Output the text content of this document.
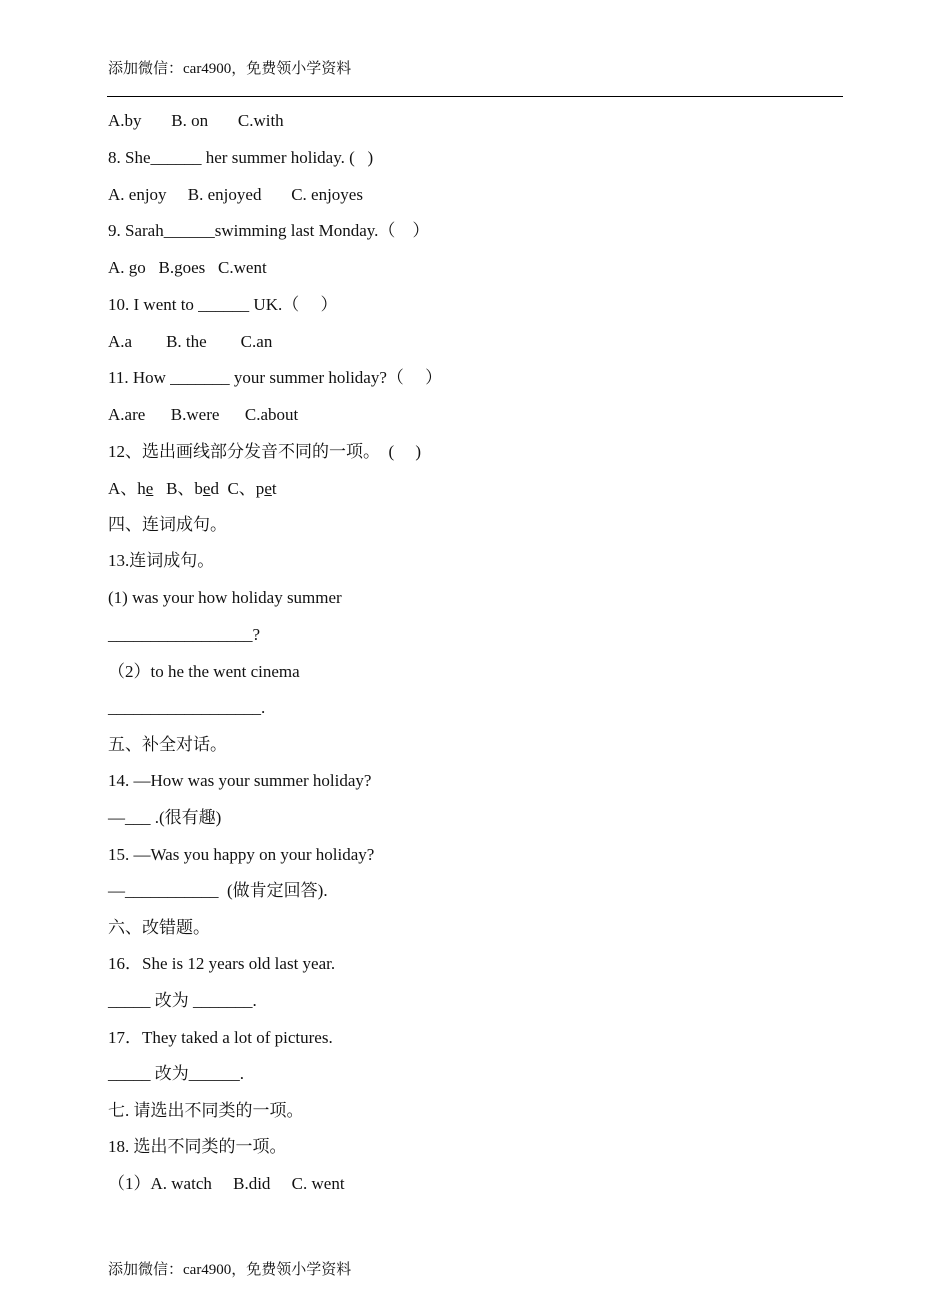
添加微信：car4900，免费领小学资料
A.by       B. on       C.with
8. She______ her summer holiday. (   )
A. enjoy     B. enjoyed       C. enjoyes
9. Sarah______swimming last Monday.（    ）
A. go   B.goes   C.went
10. I went to ______ UK.（     ）
A.a        B. the        C.an
11. How _______ your summer holiday?（     ）
A.are      B.were      C.about
12、选出画线部分发音不同的一项。  (     )
A、he   B、bed  C、pet
四、连词成句。
13.连词成句。
(1) was your how holiday summer
_________________?
（2）to he the went cinema
__________________.
五、补全对话。
14. —How was your summer holiday?
—___ .(很有趣)
15. —Was you happy on your holiday?
—___________  (做肯定回答).
六、改错题。
16．She is 12 years old last year.
_____ 改为 _______.
17．They taked a lot of pictures.
_____ 改为______.
七. 请选出不同类的一项。
18. 选出不同类的一项。
（1）A. watch     B.did     C. went
添加微信：car4900，免费领小学资料
